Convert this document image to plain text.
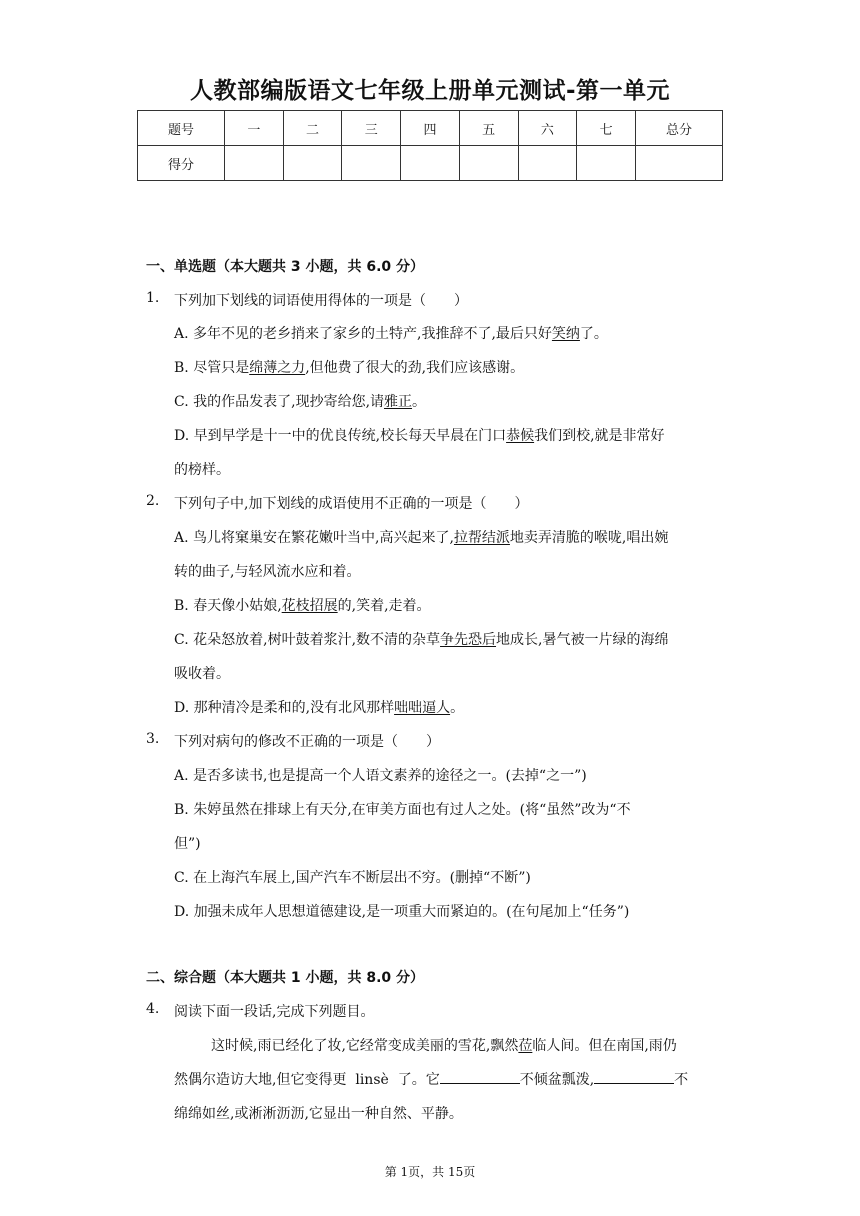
人教部编版语文七年级上册单元测试-第一单元
题号	一	二	三	四	五	六	七	总分
得分								
一、单选题（本大题共 3 小题，共 6.0 分）
1. 下列加下划线的词语使用得体的一项是（　　）
A. 多年不见的老乡捎来了家乡的土特产,我推辞不了,最后只好笑纳了。
B. 尽管只是绵薄之力,但他费了很大的劲,我们应该感谢。
C. 我的作品发表了,现抄寄给您,请雅正。
D. 早到早学是十一中的优良传统,校长每天早晨在门口恭候我们到校,就是非常好
的榜样。
2. 下列句子中,加下划线的成语使用不正确的一项是（　　）
A. 鸟儿将窠巢安在繁花嫩叶当中,高兴起来了,拉帮结派地卖弄清脆的喉咙,唱出婉
转的曲子,与轻风流水应和着。
B. 春天像小姑娘,花枝招展的,笑着,走着。
C. 花朵怒放着,树叶鼓着浆汁,数不清的杂草争先恐后地成长,暑气被一片绿的海绵
吸收着。
D. 那种清冷是柔和的,没有北风那样咄咄逼人。
3. 下列对病句的修改不正确的一项是（　　）
A. 是否多读书,也是提高一个人语文素养的途径之一。(去掉“之一”)
B. 朱婷虽然在排球上有天分,在审美方面也有过人之处。(将“虽然”改为“不
但”)
C. 在上海汽车展上,国产汽车不断层出不穷。(删掉“不断”)
D. 加强未成年人思想道德建设,是一项重大而紧迫的。(在句尾加上“任务”)
二、综合题（本大题共 1 小题，共 8.0 分）
4. 阅读下面一段话,完成下列题目。
这时候,雨已经化了妆,它经常变成美丽的雪花,飘然莅临人间。但在南国,雨仍
然偶尔造访大地,但它变得更  linsè  了。它	不倾盆瓢泼,	不
绵绵如丝,或淅淅沥沥,它显出一种自然、平静。
第 1页，共 15页
